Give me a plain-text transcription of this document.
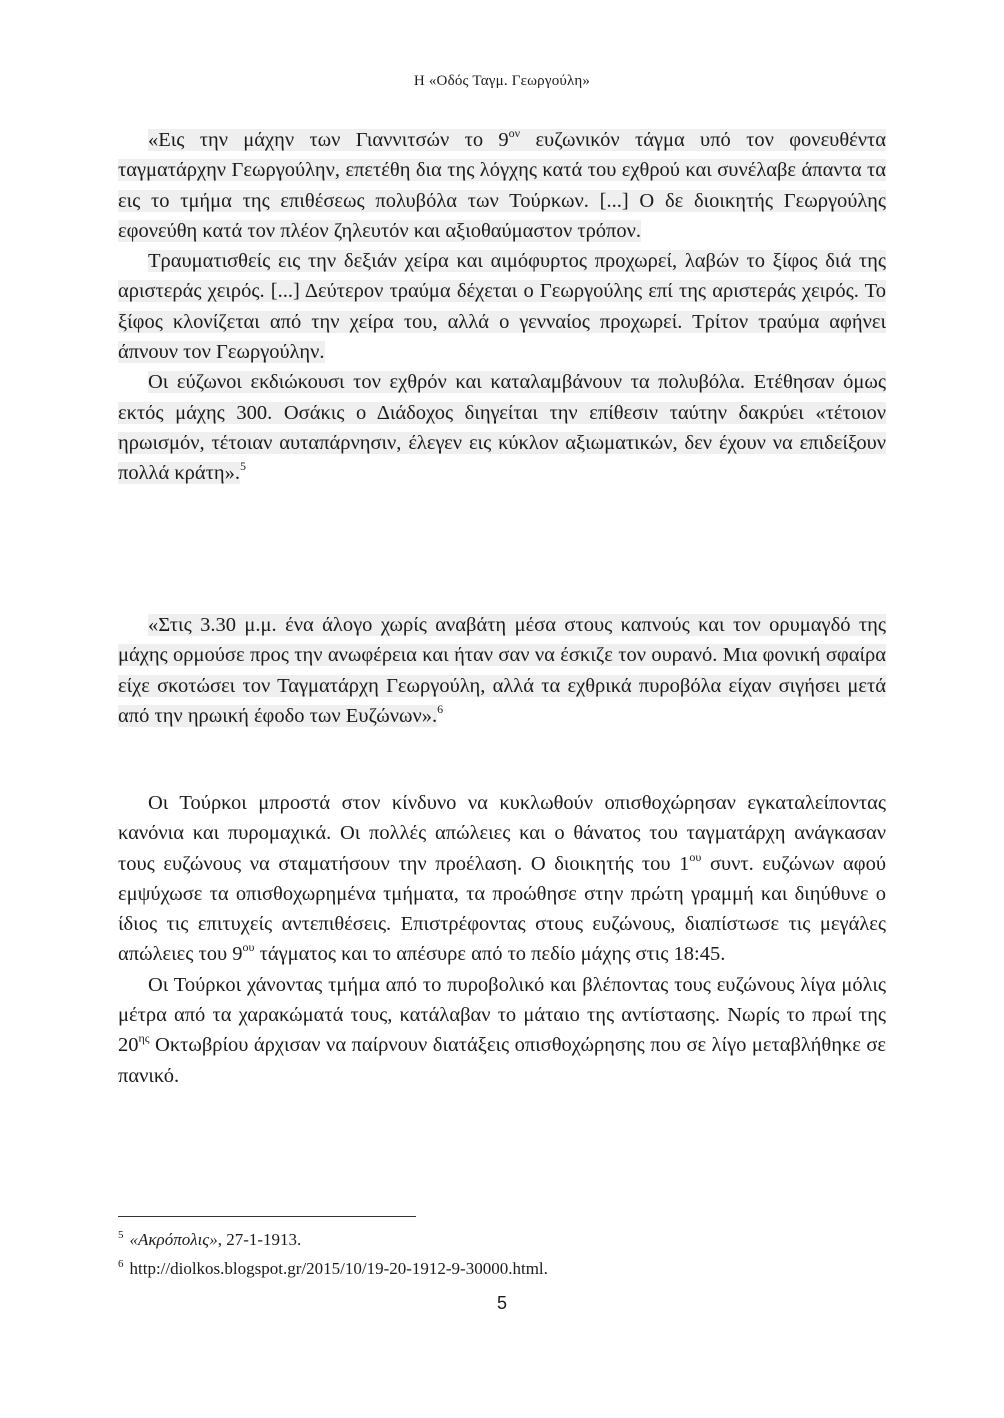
Η «Οδός Ταγμ. Γεωργούλη»

«Εις την μάχην των Γιαννιτσών το $9^{o\nu}$ ευζωνικόν τάγμα υπό τον φονευθέντα ταγματάρχην Γεωργούλην, επετέθη δια της λόγχης κατά του εχθρού και συνέλαβε άπαντα τα εις το τμήμα της επιθέσεως πολυβόλα των Τούρκων. [...] Ο δε διοικητής Γεωργούλης εφονεύθη κατά τον πλέον ζηλευτόν και αξιοθαύμαστον τρόπον.

Τραυματισθείς εις την δεξιάν χείρα και αιμόφυρτος προχωρεί, λαβών το ξίφος διά της αριστεράς χειρός. [...] Δεύτερον τραύμα δέχεται ο Γεωργούλης επί της αριστεράς χειρός. Το ξίφος κλονίζεται από την χείρα του, αλλά ο γενναίος προχωρεί. Τρίτον τραύμα αφήνει άπνουν τον Γεωργούλην.

Οι εύζωνοι εκδιώκουσι τον εχθρόν και καταλαμβάνουν τα πολυβόλα. Ετέθησαν όμως εκτός μάχης 300. Οσάκις ο Διάδοχος διηγείται την επίθεσιν ταύτην δακρύει «τέτοιον ηρωισμόν, τέτοιαν αυταπάρνησιν, έλεγεν εις κύκλον αξιωματικών, δεν έχουν να επιδείξουν πολλά κράτη».$^5$

«Στις 3.30 μ.μ. ένα άλογο χωρίς αναβάτη μέσα στους καπνούς και τον ορυμαγδό της μάχης ορμούσε προς την ανωφέρεια και ήταν σαν να έσκιζε τον ουρανό. Μια φονική σφαίρα είχε σκοτώσει τον Ταγματάρχη Γεωργούλη, αλλά τα εχθρικά πυροβόλα είχαν σιγήσει μετά από την ηρωική έφοδο των Ευζώνων».$^6$

Οι Τούρκοι μπροστά στον κίνδυνο να κυκλωθούν οπισθοχώρησαν εγκαταλείποντας κανόνια και πυρομαχικά. Οι πολλές απώλειες και ο θάνατος του ταγματάρχη ανάγκασαν τους ευζώνους να σταματήσουν την προέλαση. Ο διοικητής του $1^{o\upsilon}$ συντ. ευζώνων αφού εμψύχωσε τα οπισθοχωρημένα τμήματα, τα προώθησε στην πρώτη γραμμή και διηύθυνε ο ίδιος τις επιτυχείς αντεπιθέσεις. Επιστρέφοντας στους ευζώνους, διαπίστωσε τις μεγάλες απώλειες του $9^{o\upsilon}$ τάγματος και το απέσυρε από το πεδίο μάχης στις 18:45.

Οι Τούρκοι χάνοντας τμήμα από το πυροβολικό και βλέποντας τους ευζώνους λίγα μόλις μέτρα από τα χαρακώματά τους, κατάλαβαν το μάταιο της αντίστασης. Νωρίς το πρωί της $20^{\eta\varsigma}$ Οκτωβρίου άρχισαν να παίρνουν διατάξεις οπισθοχώρησης που σε λίγο μεταβλήθηκε σε πανικό.

$^5$ «Ακρόπολις», 27-1-1913.
$^6$ http://diolkos.blogspot.gr/2015/10/19-20-1912-9-30000.html.
5
